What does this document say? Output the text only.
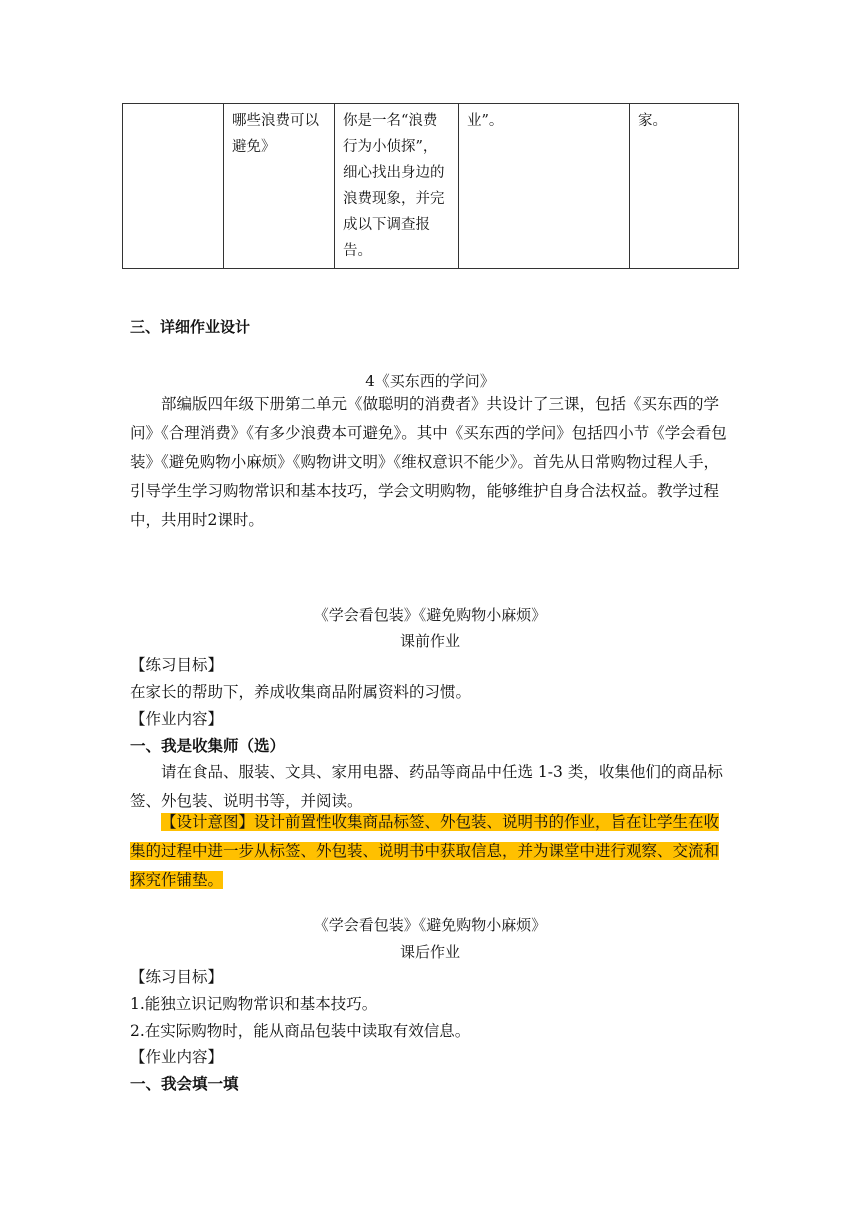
	哪些浪费可以避免》	你是一名“浪费行为小侦探”，细心找出身边的浪费现象，并完成以下调查报告。	业”。	家。
三、详细作业设计
4《买东西的学问》
部编版四年级下册第二单元《做聪明的消费者》共设计了三课，包括《买东西的学问》《合理消费》《有多少浪费本可避免》。其中《买东西的学问》包括四小节《学会看包装》《避免购物小麻烦》《购物讲文明》《维权意识不能少》。首先从日常购物过程人手，引导学生学习购物常识和基本技巧，学会文明购物，能够维护自身合法权益。教学过程中，共用时2课时。
《学会看包装》《避免购物小麻烦》
课前作业
【练习目标】
在家长的帮助下，养成收集商品附属资料的习惯。
【作业内容】
一、我是收集师（选）
请在食品、服装、文具、家用电器、药品等商品中任选 1-3 类，收集他们的商品标签、外包装、说明书等，并阅读。
【设计意图】设计前置性收集商品标签、外包装、说明书的作业，旨在让学生在收集的过程中进一步从标签、外包装、说明书中获取信息，并为课堂中进行观察、交流和探究作铺垫。
《学会看包装》《避免购物小麻烦》
课后作业
【练习目标】
1.能独立识记购物常识和基本技巧。
2.在实际购物时，能从商品包装中读取有效信息。
【作业内容】
一、我会填一填
